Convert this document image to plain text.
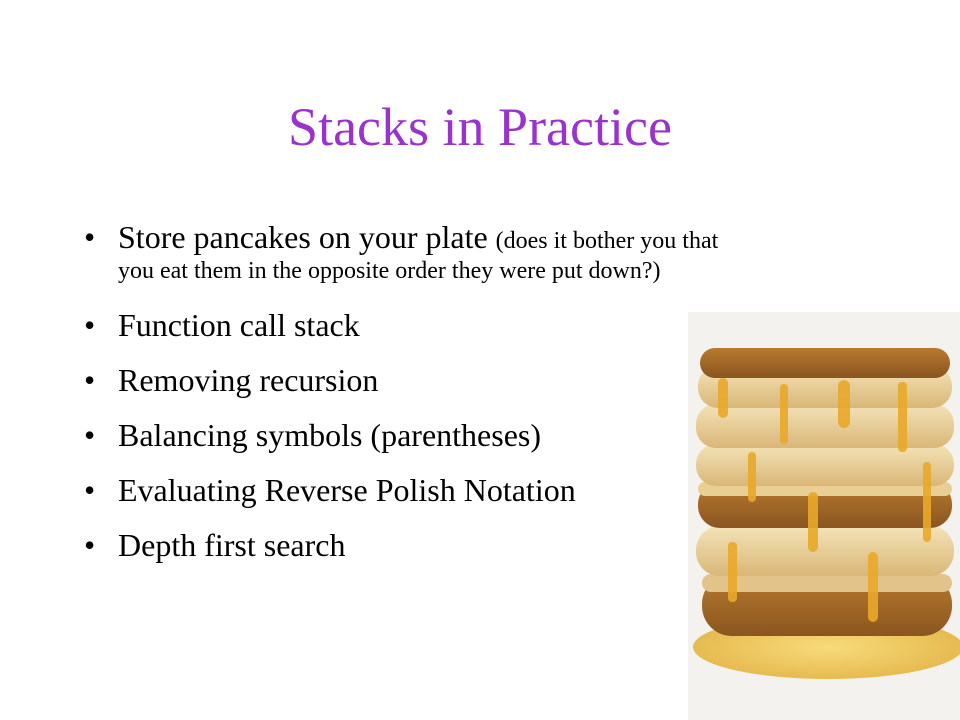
Stacks in Practice
• Store pancakes on your plate (does it bother you that
you eat them in the opposite order they were put down?)
• Function call stack
• Removing recursion
• Balancing symbols (parentheses)
• Evaluating Reverse Polish Notation
• Depth first search
